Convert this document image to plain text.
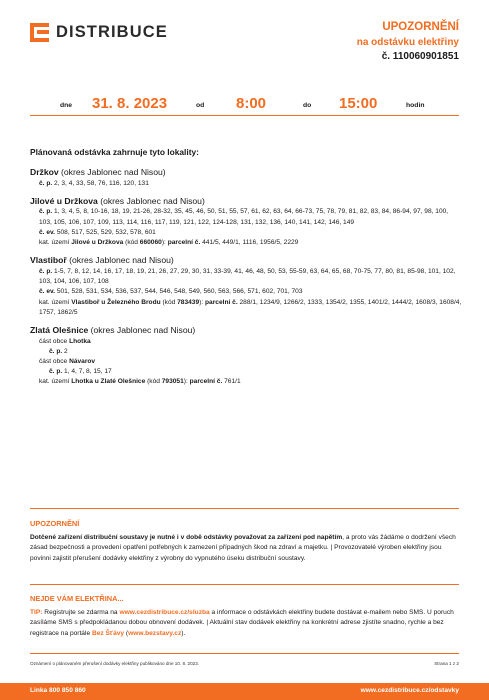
DISTRIBUCE	UPOZORNĚNÍ
na odstávku elektřiny
č. 110060901851
dne 31. 8. 2023	od 8:00	do 15:00	hodin
Plánovaná odstávka zahrnuje tyto lokality:
Držkov (okres Jablonec nad Nisou)
č. p. 2, 3, 4, 33, 58, 76, 116, 120, 131
Jilové u Držkova (okres Jablonec nad Nisou)
č. p. 1, 3, 4, 5, 8, 10-16, 18, 19, 21-26, 28-32, 35, 45, 46, 50, 51, 55, 57, 61, 62, 63, 64, 66-73, 75, 78, 79, 81, 82, 83, 84, 86-94, 97, 98, 100, 103, 105, 106, 107, 109, 113, 114, 116, 117, 119, 121, 122, 124-128, 131, 132, 136, 140, 141, 142, 146, 149
č. ev. 508, 517, 525, 529, 532, 578, 601
kat. území Jilové u Držkova (kód 660060): parcelní č. 441/5, 449/1, 1116, 1956/5, 2229
Vlastiboř (okres Jablonec nad Nisou)
č. p. 1-5, 7, 8, 12, 14, 16, 17, 18, 19, 21, 26, 27, 29, 30, 31, 33-39, 41, 46, 48, 50, 53, 55-59, 63, 64, 65, 68, 70-75, 77, 80, 81, 85-98, 101, 102, 103, 104, 106, 107, 108
č. ev. 501, 528, 531, 534, 536, 537, 544, 546, 548, 549, 560, 563, 566, 571, 602, 701, 703
kat. území Vlastiboř u Železného Brodu (kód 783439): parcelní č. 288/1, 1234/9, 1266/2, 1333, 1354/2, 1355, 1401/2, 1444/2, 1608/3, 1608/4, 1757, 1862/5
Zlatá Olešnice (okres Jablonec nad Nisou)
část obce Lhotka
č. p. 2
část obce Návarov
č. p. 1, 4, 7, 8, 15, 17
kat. území Lhotka u Zlaté Olešnice (kód 793051): parcelní č. 761/1
UPOZORNĚNÍ
Dotčené zařízení distribuční soustavy je nutné i v době odstávky považovat za zařízení pod napětím, a proto vás žádáme o dodržení všech zásad bezpečnosti a provedení opatření potřebných k zamezení případných škod na zdraví a majetku. | Provozovatelé výroben elektřiny jsou povinni zajistit přerušení dodávky elektřiny z výrobny do vypnutého úseku distribuční soustavy.
NEJDE VÁM ELEKTŘINA...
TIP: Registrujte se zdarma na www.cezdistribuce.cz/sluzba a informace o odstávkách elektřiny budete dostávat e-mailem nebo SMS. U poruch zasíláme SMS s předpokládanou dobou obnovení dodávek. | Aktuální stav dodávek elektřiny na konkrétní adrese zjistíte snadno, rychle a bez registrace na portále Bez Šťávy (www.bezstavy.cz).
Oznámení o plánovaném přerušení dodávky elektřiny publikováno dne 10. 8. 2023.	Strana 1 z 2
Linka 800 850 860	www.cezdistribuce.cz/odstavky
